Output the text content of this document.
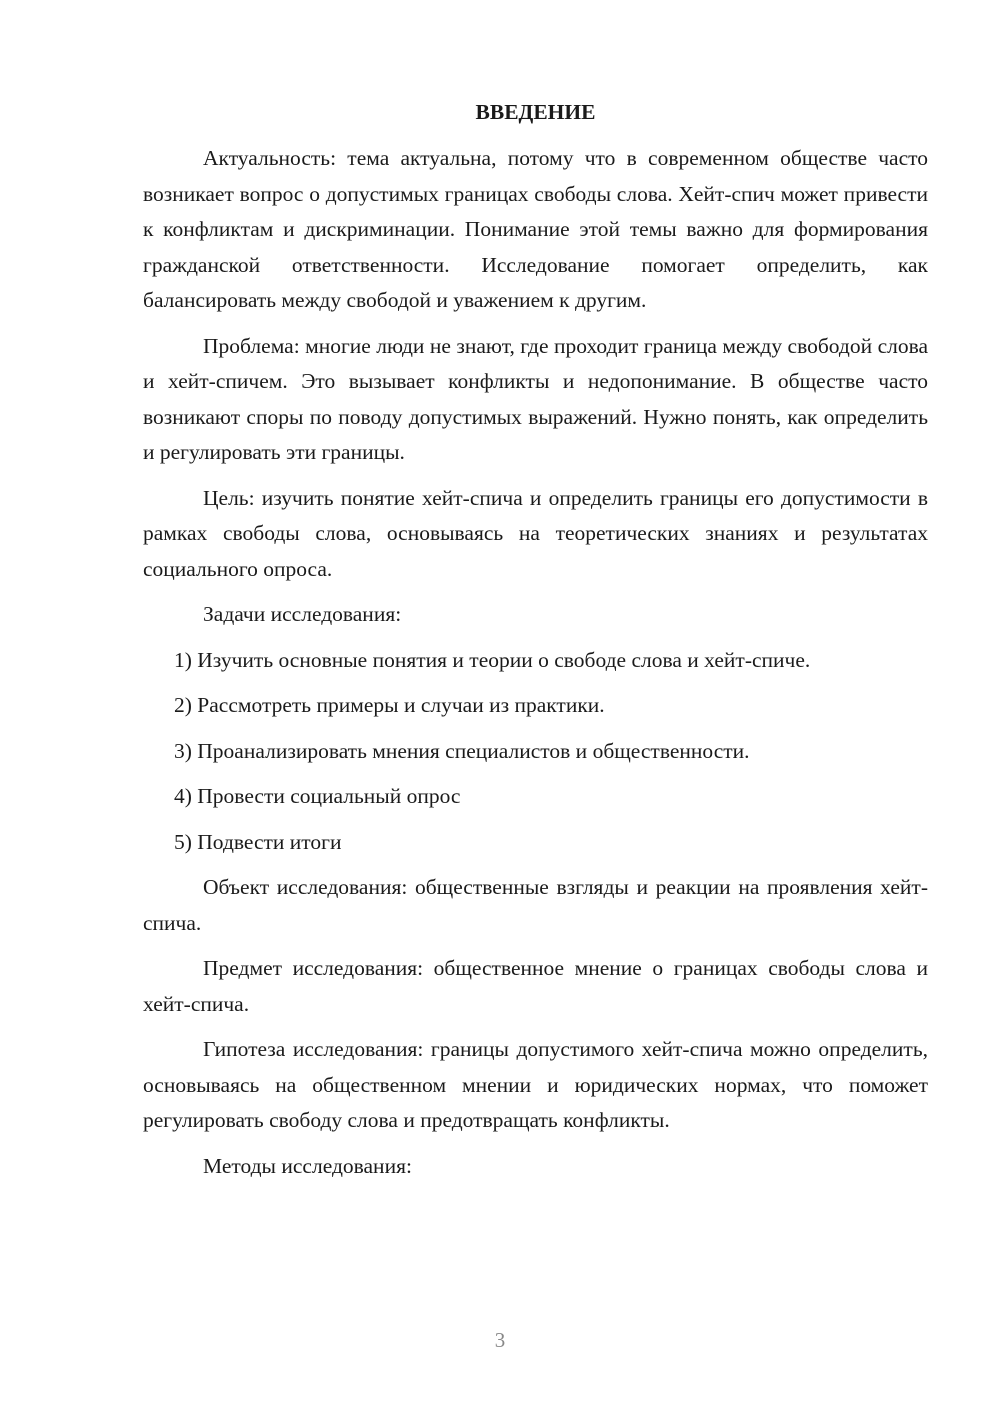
ВВЕДЕНИЕ

Актуальность: тема актуальна, потому что в современном обществе часто возникает вопрос о допустимых границах свободы слова. Хейт-спич может привести к конфликтам и дискриминации. Понимание этой темы важно для формирования гражданской ответственности. Исследование помогает определить, как балансировать между свободой и уважением к другим.

Проблема: многие люди не знают, где проходит граница между свободой слова и хейт-спичем. Это вызывает конфликты и недопонимание. В обществе часто возникают споры по поводу допустимых выражений. Нужно понять, как определить и регулировать эти границы.

Цель: изучить понятие хейт-спича и определить границы его допустимости в рамках свободы слова, основываясь на теоретических знаниях и результатах социального опроса.

Задачи исследования:

1) Изучить основные понятия и теории о свободе слова и хейт-спиче.

2) Рассмотреть примеры и случаи из практики.

3) Проанализировать мнения специалистов и общественности.

4) Провести социальный опрос

5) Подвести итоги

Объект исследования: общественные взгляды и реакции на проявления хейт-спича.

Предмет исследования: общественное мнение о границах свободы слова и хейт-спича.

Гипотеза исследования: границы допустимого хейт-спича можно определить, основываясь на общественном мнении и юридических нормах, что поможет регулировать свободу слова и предотвращать конфликты.

Методы исследования:

3
